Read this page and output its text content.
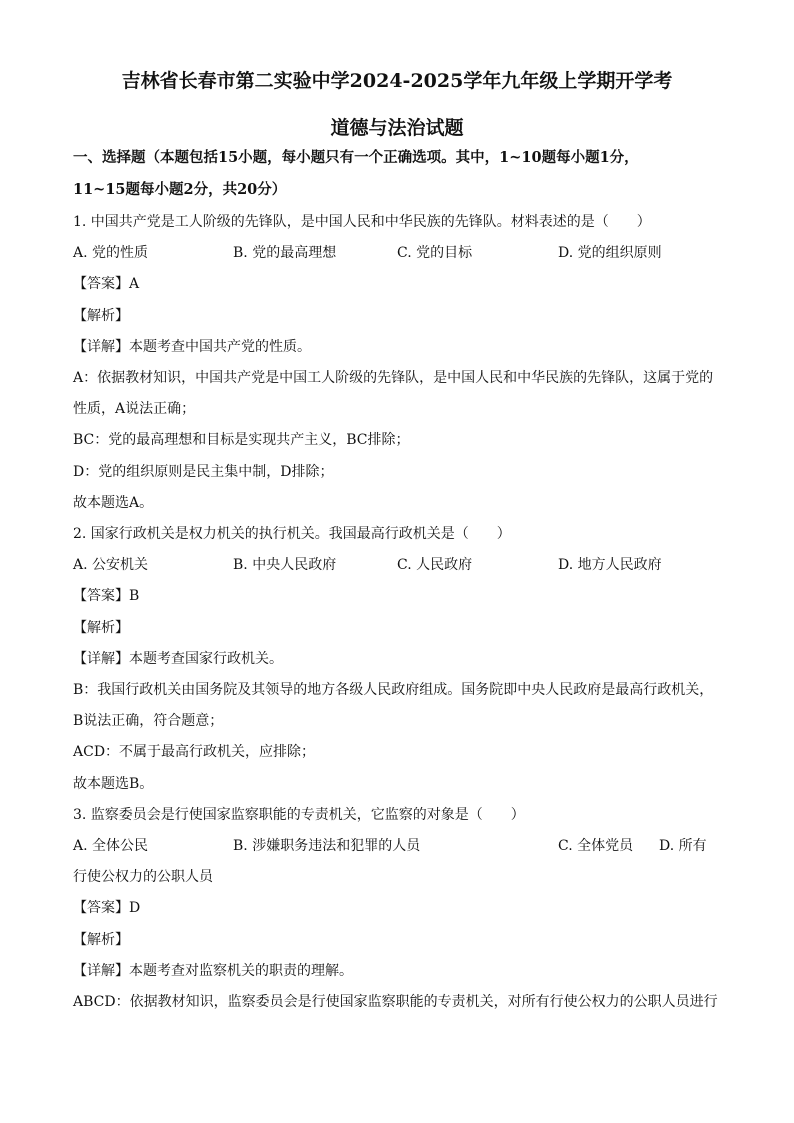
吉林省长春市第二实验中学2024-2025学年九年级上学期开学考
道德与法治试题
一、选择题（本题包括15小题，每小题只有一个正确选项。其中，1~10题每小题1分，
11~15题每小题2分，共20分）
1. 中国共产党是工人阶级的先锋队，是中国人民和中华民族的先锋队。材料表述的是（　　）
A. 党的性质	B. 党的最高理想	C. 党的目标	D. 党的组织原则
【答案】A
【解析】
【详解】本题考查中国共产党的性质。
A：依据教材知识，中国共产党是中国工人阶级的先锋队，是中国人民和中华民族的先锋队，这属于党的
性质，A说法正确；
BC：党的最高理想和目标是实现共产主义，BC排除；
D：党的组织原则是民主集中制，D排除；
故本题选A。
2. 国家行政机关是权力机关的执行机关。我国最高行政机关是（　　）
A. 公安机关	B. 中央人民政府	C. 人民政府	D. 地方人民政府
【答案】B
【解析】
【详解】本题考查国家行政机关。
B：我国行政机关由国务院及其领导的地方各级人民政府组成。国务院即中央人民政府是最高行政机关，
B说法正确，符合题意；
ACD：不属于最高行政机关，应排除；
故本题选B。
3. 监察委员会是行使国家监察职能的专责机关，它监察的对象是（　　）
A. 全体公民	B. 涉嫌职务违法和犯罪的人员	C. 全体党员 D. 所有
行使公权力的公职人员
【答案】D
【解析】
【详解】本题考查对监察机关的职责的理解。
ABCD：依据教材知识，监察委员会是行使国家监察职能的专责机关，对所有行使公权力的公职人员进行
